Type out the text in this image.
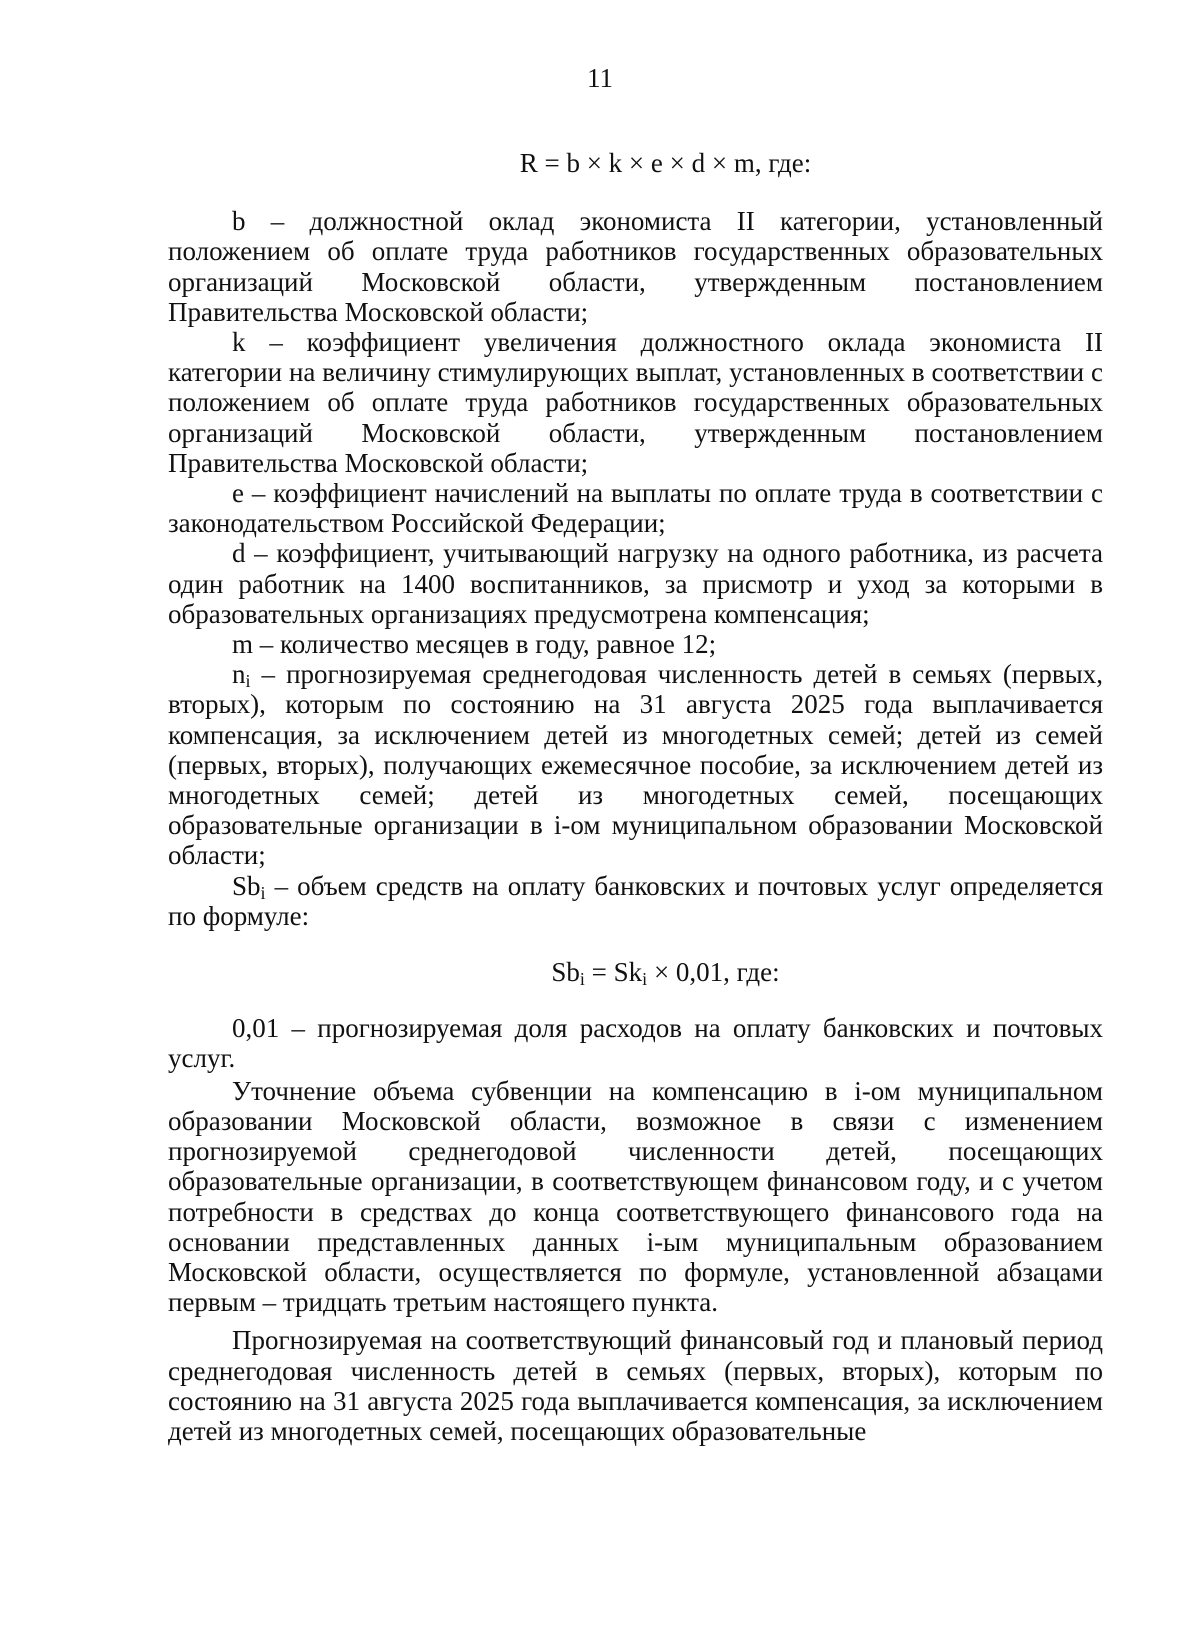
11

R = b × k × e × d × m, где:

b – должностной оклад экономиста II категории, установленный положением об оплате труда работников государственных образовательных организаций Московской области, утвержденным постановлением Правительства Московской области;

k – коэффициент увеличения должностного оклада экономиста II категории на величину стимулирующих выплат, установленных в соответствии с положением об оплате труда работников государственных образовательных организаций Московской области, утвержденным постановлением Правительства Московской области;

e – коэффициент начислений на выплаты по оплате труда в соответствии с законодательством Российской Федерации;

d – коэффициент, учитывающий нагрузку на одного работника, из расчета один работник на 1400 воспитанников, за присмотр и уход за которыми в образовательных организациях предусмотрена компенсация;

m – количество месяцев в году, равное 12;

$n_i$ – прогнозируемая среднегодовая численность детей в семьях (первых, вторых), которым по состоянию на 31 августа 2025 года выплачивается компенсация, за исключением детей из многодетных семей; детей из семей (первых, вторых), получающих ежемесячное пособие, за исключением детей из многодетных семей; детей из многодетных семей, посещающих образовательные организации в i-ом муниципальном образовании Московской области;

$Sb_i$ – объем средств на оплату банковских и почтовых услуг определяется по формуле:

$Sb_i = Sk_i \times 0,01$, где:

0,01 – прогнозируемая доля расходов на оплату банковских и почтовых услуг.

Уточнение объема субвенции на компенсацию в i-ом муниципальном образовании Московской области, возможное в связи с изменением прогнозируемой среднегодовой численности детей, посещающих образовательные организации, в соответствующем финансовом году, и с учетом потребности в средствах до конца соответствующего финансового года на основании представленных данных i-ым муниципальным образованием Московской области, осуществляется по формуле, установленной абзацами первым – тридцать третьим настоящего пункта.

Прогнозируемая на соответствующий финансовый год и плановый период среднегодовая численность детей в семьях (первых, вторых), которым по состоянию на 31 августа 2025 года выплачивается компенсация, за исключением детей из многодетных семей, посещающих образовательные
